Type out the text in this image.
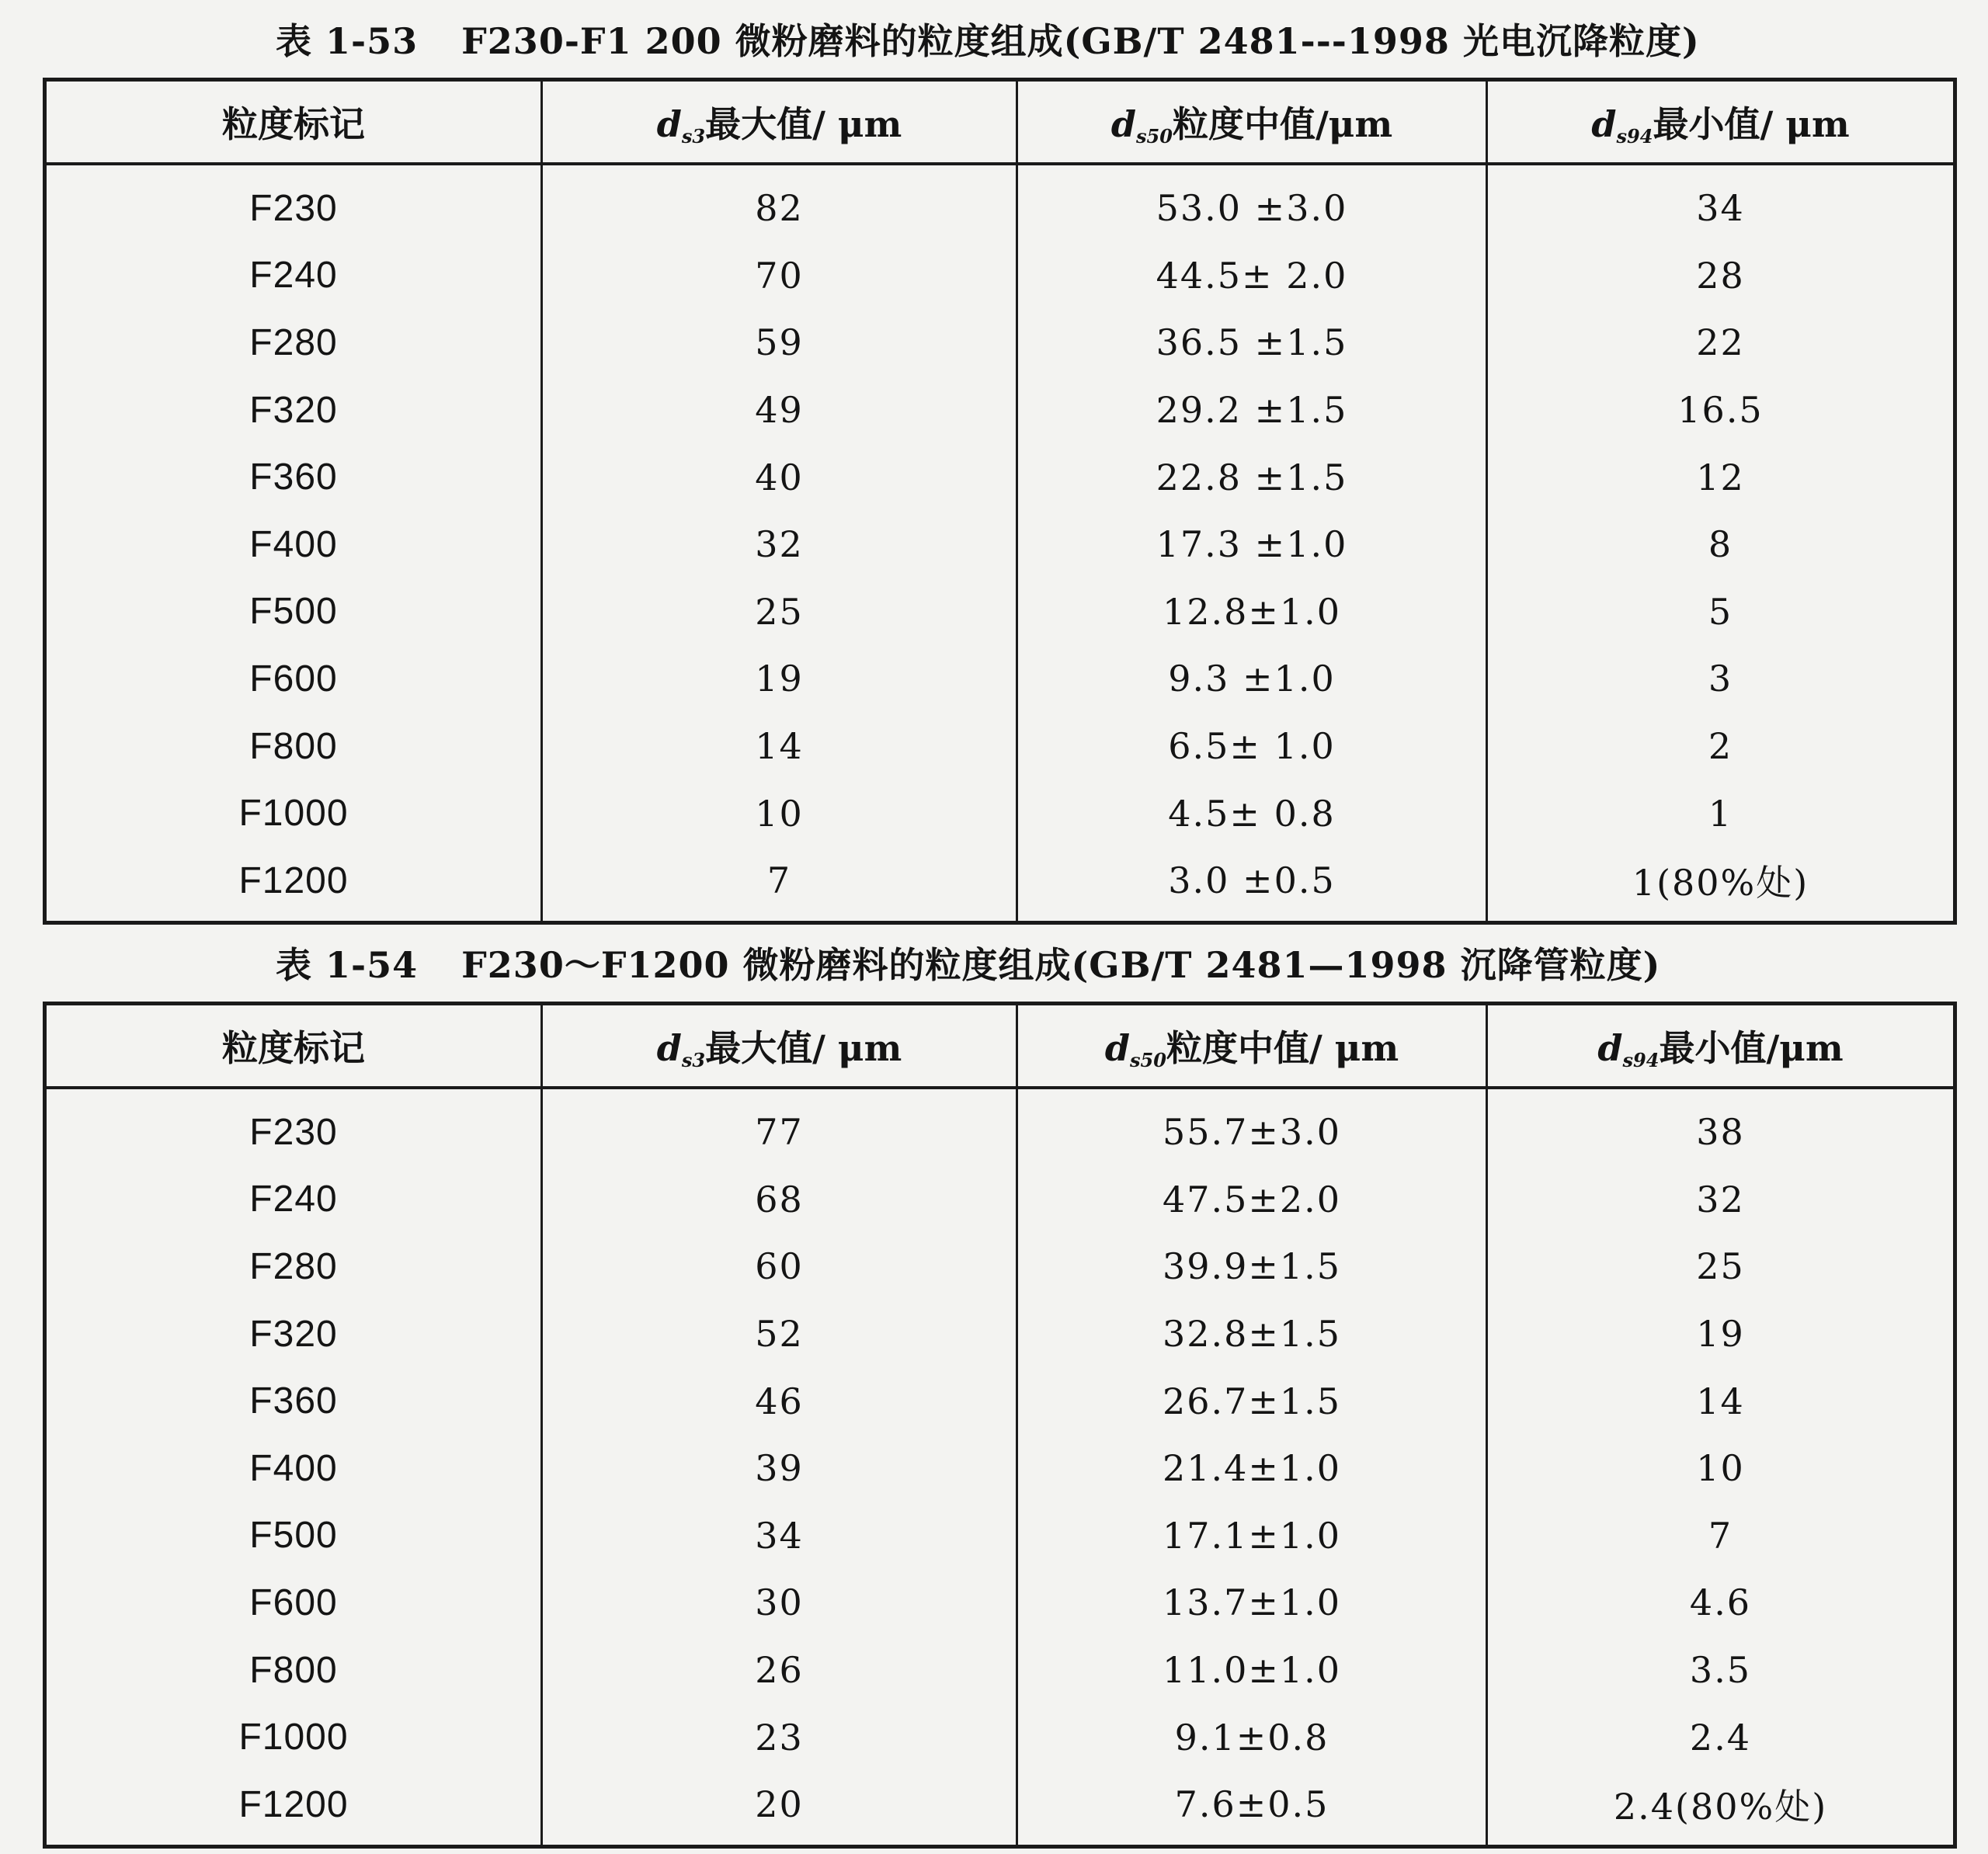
表 1-53 F230-F1 200 微粉磨料的粒度组成(GB/T 2481---1998 光电沉降粒度)
粒度标记	$d_{s3}$最大值/ μm	$d_{s50}$粒度中值/μm	$d_{s94}$最小值/ μm
F230	82	53.0 ±3.0	34
F240	70	44.5± 2.0	28
F280	59	36.5 ±1.5	22
F320	49	29.2 ±1.5	16.5
F360	40	22.8 ±1.5	12
F400	32	17.3 ±1.0	8
F500	25	12.8±1.0	5
F600	19	9.3 ±1.0	3
F800	14	6.5± 1.0	2
F1000	10	4.5± 0.8	1
F1200	7	3.0 ±0.5	1(80%处)
表 1-54 F230～F1200 微粉磨料的粒度组成(GB/T 2481—1998 沉降管粒度)
粒度标记	$d_{s3}$最大值/ μm	$d_{s50}$粒度中值/ μm	$d_{s94}$最小值/μm
F230	77	55.7±3.0	38
F240	68	47.5±2.0	32
F280	60	39.9±1.5	25
F320	52	32.8±1.5	19
F360	46	26.7±1.5	14
F400	39	21.4±1.0	10
F500	34	17.1±1.0	7
F600	30	13.7±1.0	4.6
F800	26	11.0±1.0	3.5
F1000	23	9.1±0.8	2.4
F1200	20	7.6±0.5	2.4(80%处)
